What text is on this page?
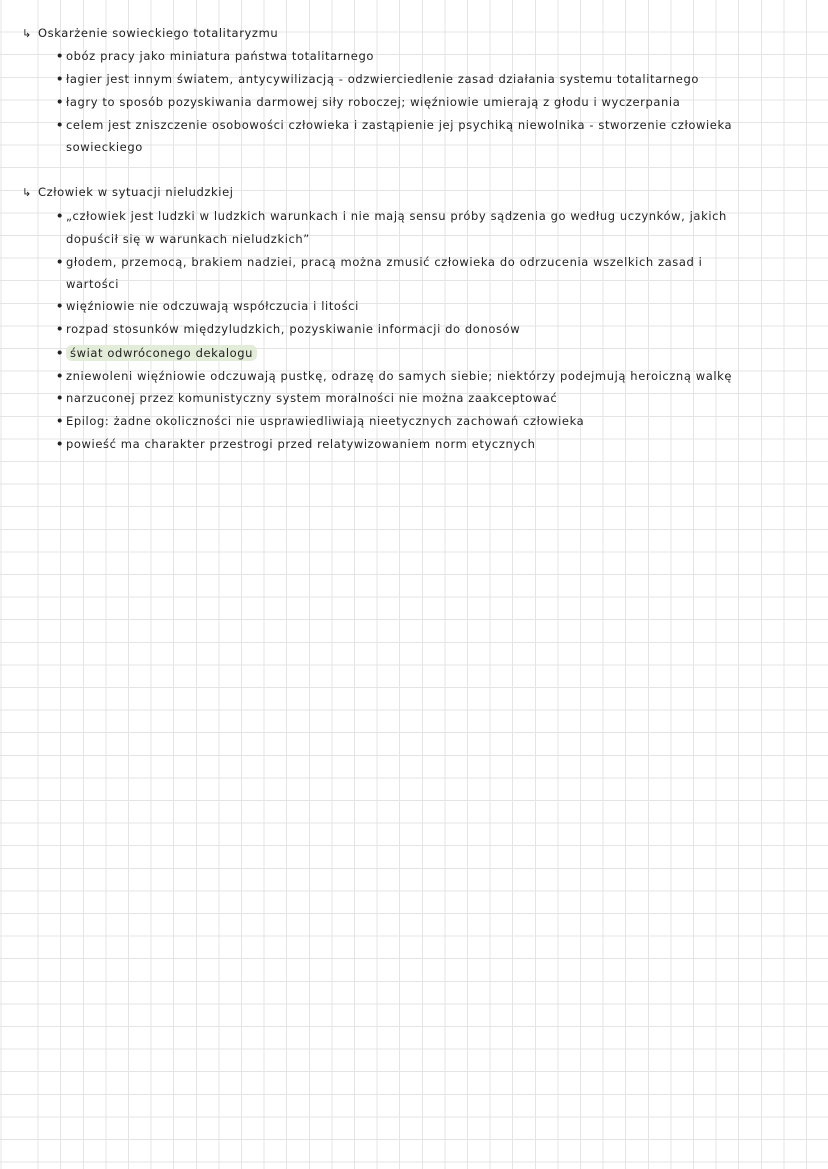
↳ Oskarżenie sowieckiego totalitaryzmu
• obóz pracy jako miniatura państwa totalitarnego
• łagier jest innym światem, antycywilizacją - odzwierciedlenie zasad działania systemu totalitarnego
• łagry to sposób pozyskiwania darmowej siły roboczej; więźniowie umierają z głodu i wyczerpania
• celem jest zniszczenie osobowości człowieka i zastąpienie jej psychiką niewolnika - stworzenie człowieka
sowieckiego
↳ Człowiek w sytuacji nieludzkiej
• „człowiek jest ludzki w ludzkich warunkach i nie mają sensu próby sądzenia go według uczynków, jakich
dopuścił się w warunkach nieludzkich”
• głodem, przemocą, brakiem nadziei, pracą można zmusić człowieka do odrzucenia wszelkich zasad i
wartości
• więźniowie nie odczuwają współczucia i litości
• rozpad stosunków międzyludzkich, pozyskiwanie informacji do donosów
• świat odwróconego dekalogu
• zniewoleni więźniowie odczuwają pustkę, odrazę do samych siebie; niektórzy podejmują heroiczną walkę
• narzuconej przez komunistyczny system moralności nie można zaakceptować
• Epilog: żadne okoliczności nie usprawiedliwiają nieetycznych zachowań człowieka
• powieść ma charakter przestrogi przed relatywizowaniem norm etycznych
